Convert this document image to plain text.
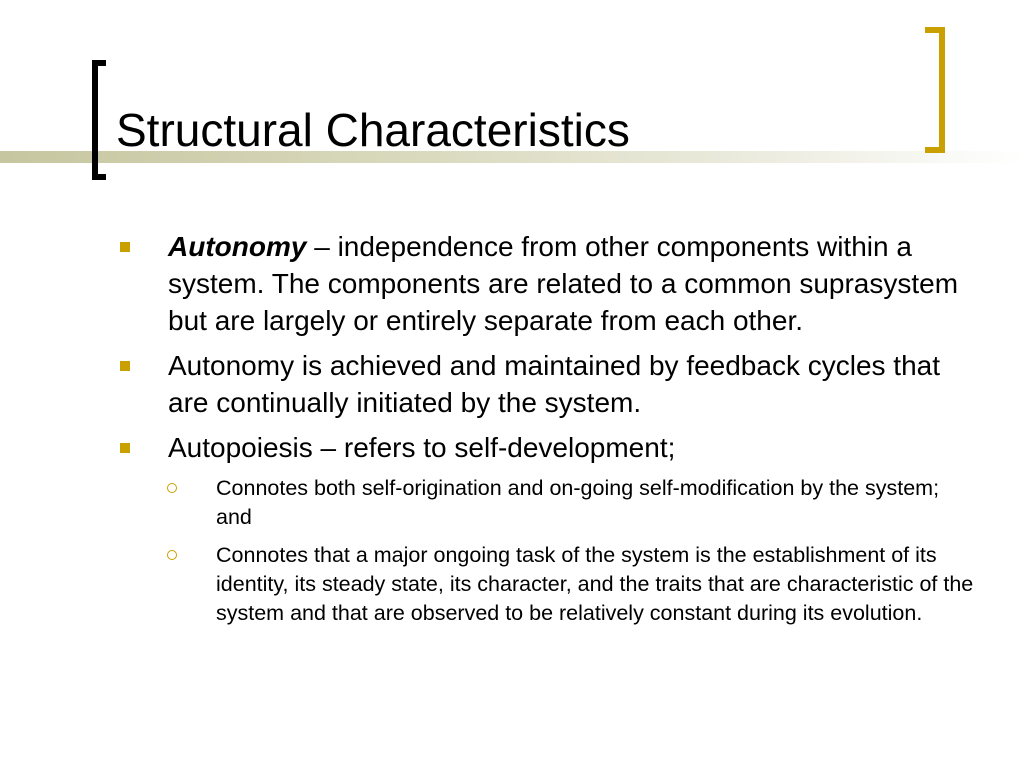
Structural Characteristics
Autonomy – independence from other components within a system. The components are related to a common suprasystem but are largely or entirely separate from each other.
Autonomy is achieved and maintained by feedback cycles that are continually initiated by the system.
Autopoiesis – refers to self-development;
Connotes both self-origination and on-going self-modification by the system; and
Connotes that a major ongoing task of the system is the establishment of its identity, its steady state, its character, and the traits that are characteristic of the system and that are observed to be relatively constant during its evolution.
